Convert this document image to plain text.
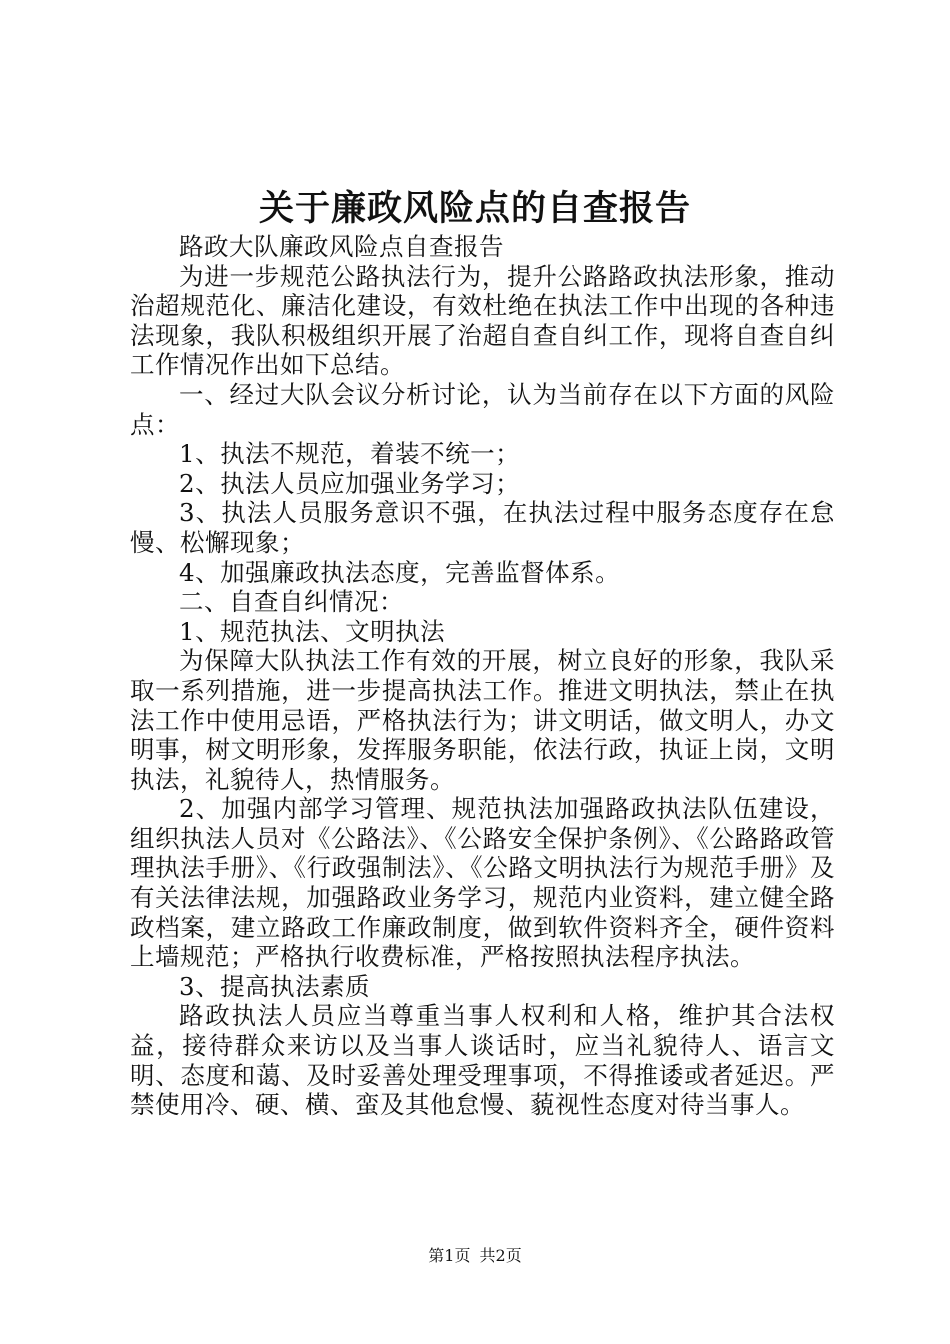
关于廉政风险点的自查报告

路政大队廉政风险点自查报告

为进一步规范公路执法行为，提升公路路政执法形象，推动治超规范化、廉洁化建设，有效杜绝在执法工作中出现的各种违法现象，我队积极组织开展了治超自查自纠工作，现将自查自纠工作情况作出如下总结。

一、经过大队会议分析讨论，认为当前存在以下方面的风险点：

1、执法不规范，着装不统一；

2、执法人员应加强业务学习；

3、执法人员服务意识不强，在执法过程中服务态度存在怠慢、松懈现象；

4、加强廉政执法态度，完善监督体系。

二、自查自纠情况：

1、规范执法、文明执法

为保障大队执法工作有效的开展，树立良好的形象，我队采取一系列措施，进一步提高执法工作。推进文明执法，禁止在执法工作中使用忌语，严格执法行为；讲文明话，做文明人，办文明事，树文明形象，发挥服务职能，依法行政，执证上岗，文明执法，礼貌待人，热情服务。

2、加强内部学习管理、规范执法加强路政执法队伍建设，组织执法人员对《公路法》、《公路安全保护条例》、《公路路政管理执法手册》、《行政强制法》、《公路文明执法行为规范手册》及有关法律法规，加强路政业务学习，规范内业资料，建立健全路政档案，建立路政工作廉政制度，做到软件资料齐全，硬件资料上墙规范；严格执行收费标准，严格按照执法程序执法。

3、提高执法素质

路政执法人员应当尊重当事人权利和人格，维护其合法权益，接待群众来访以及当事人谈话时，应当礼貌待人、语言文明、态度和蔼、及时妥善处理受理事项，不得推诿或者延迟。严禁使用冷、硬、横、蛮及其他怠慢、藐视性态度对待当事人。

第1页 共2页
